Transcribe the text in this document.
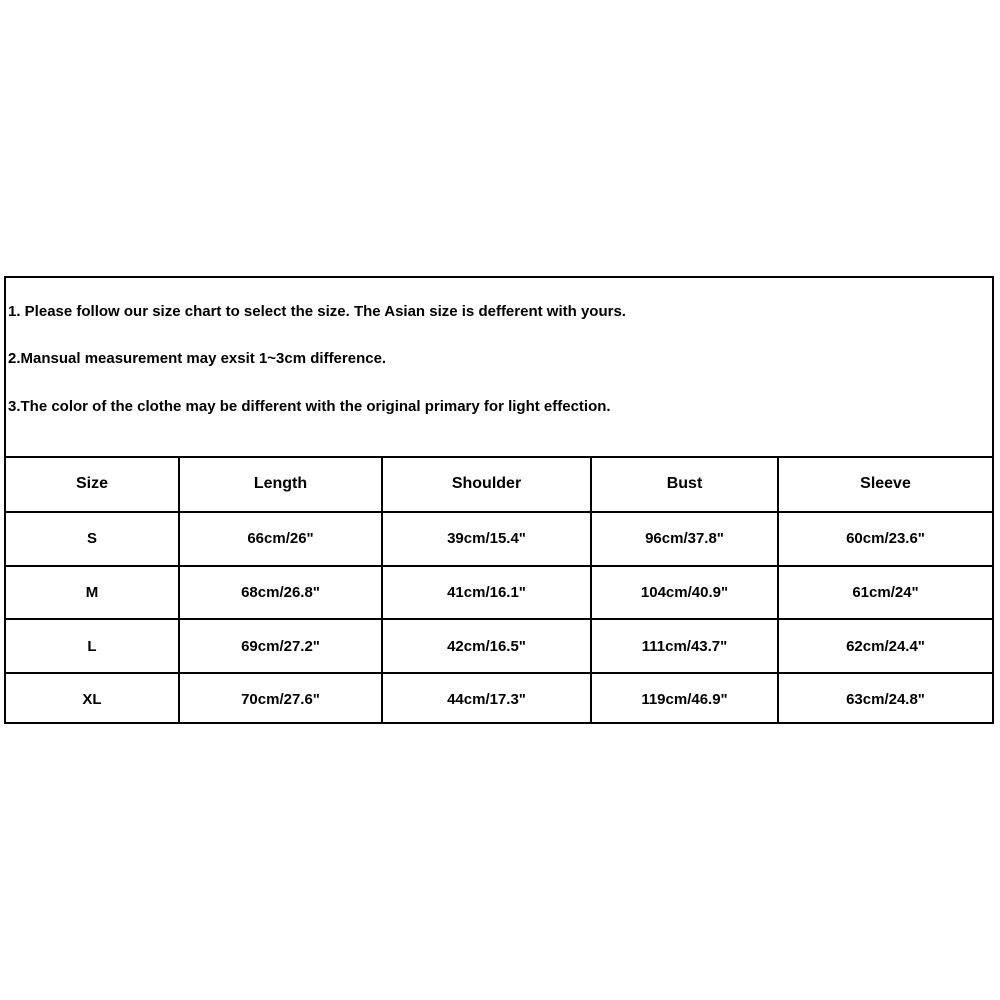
1. Please follow our size chart to select the size. The Asian size is defferent with yours.
2.Mansual measurement may exsit 1~3cm difference.
3.The color of the clothe may be different with the original primary for light effection.
Size	Length	Shoulder	Bust	Sleeve
S	66cm/26"	39cm/15.4"	96cm/37.8"	60cm/23.6"
M	68cm/26.8"	41cm/16.1"	104cm/40.9"	61cm/24"
L	69cm/27.2"	42cm/16.5"	111cm/43.7"	62cm/24.4"
XL	70cm/27.6"	44cm/17.3"	119cm/46.9"	63cm/24.8"
